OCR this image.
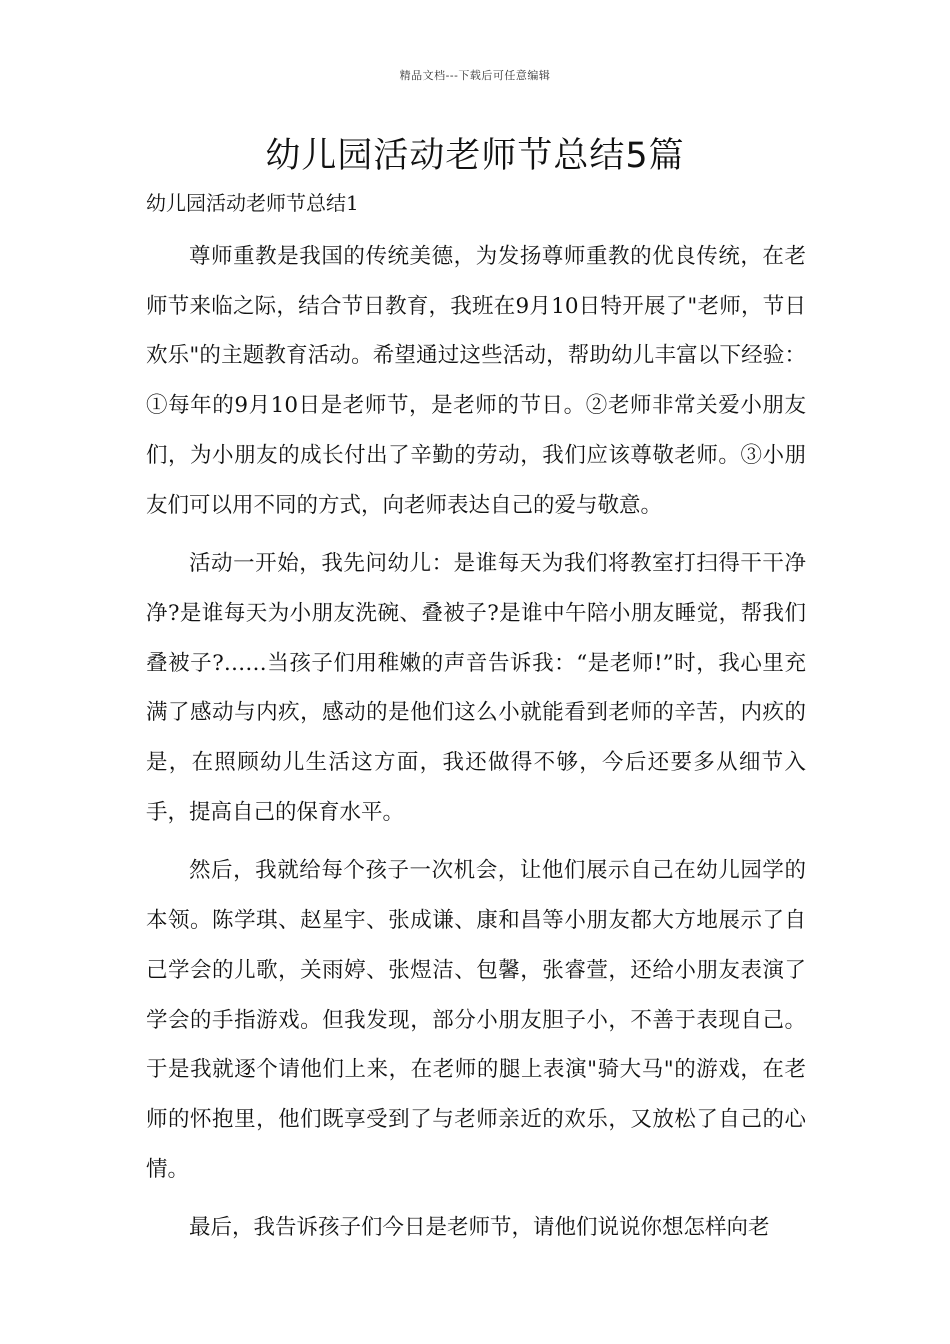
精品文档---下载后可任意编辑
幼儿园活动老师节总结5篇
幼儿园活动老师节总结1

尊师重教是我国的传统美德，为发扬尊师重教的优良传统，在老师节来临之际，结合节日教育，我班在9月10日特开展了"老师，节日欢乐"的主题教育活动。希望通过这些活动，帮助幼儿丰富以下经验：①每年的9月10日是老师节，是老师的节日。②老师非常关爱小朋友们，为小朋友的成长付出了辛勤的劳动，我们应该尊敬老师。③小朋友们可以用不同的方式，向老师表达自己的爱与敬意。

活动一开始，我先问幼儿：是谁每天为我们将教室打扫得干干净净?是谁每天为小朋友洗碗、叠被子?是谁中午陪小朋友睡觉，帮我们叠被子?……当孩子们用稚嫩的声音告诉我：“是老师!”时，我心里充满了感动与内疚，感动的是他们这么小就能看到老师的辛苦，内疚的是，在照顾幼儿生活这方面，我还做得不够，今后还要多从细节入手，提高自己的保育水平。

然后，我就给每个孩子一次机会，让他们展示自己在幼儿园学的本领。陈学琪、赵星宇、张成谦、康和昌等小朋友都大方地展示了自己学会的儿歌，关雨婷、张煜洁、包馨，张睿萱，还给小朋友表演了学会的手指游戏。但我发现，部分小朋友胆子小，不善于表现自己。于是我就逐个请他们上来，在老师的腿上表演"骑大马"的游戏，在老师的怀抱里，他们既享受到了与老师亲近的欢乐，又放松了自己的心情。

最后，我告诉孩子们今日是老师节，请他们说说你想怎样向老
